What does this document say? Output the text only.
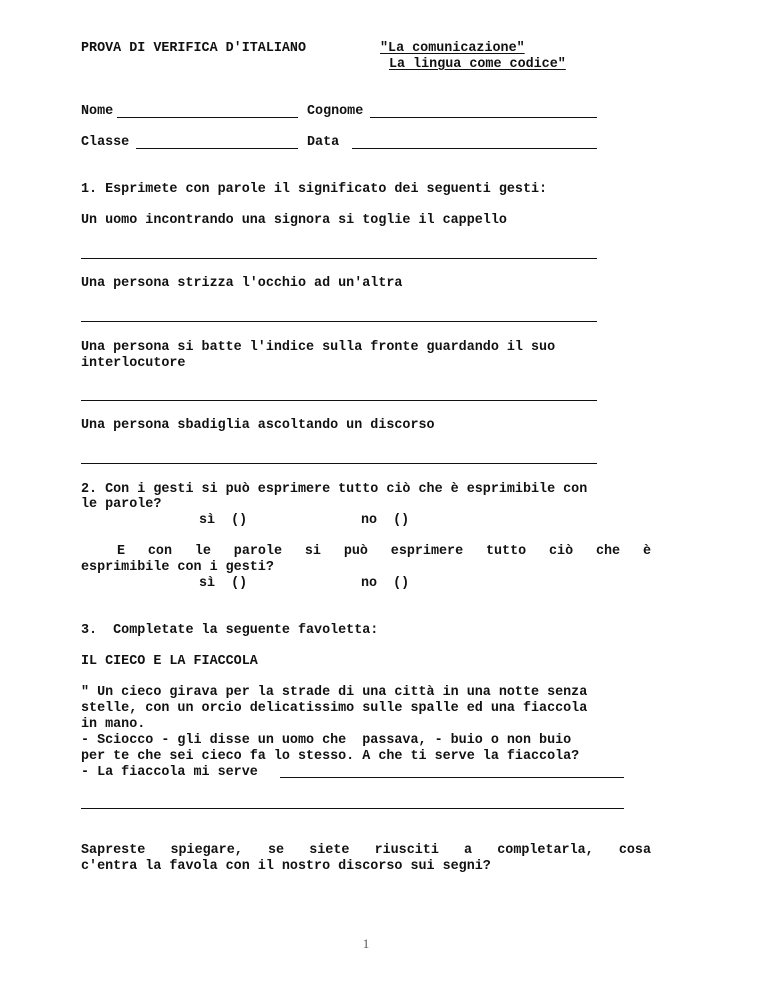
PROVA DI VERIFICA D'ITALIANO	"La comunicazione"
La lingua come codice"
Nome	Cognome
Classe	Data
1. Esprimete con parole il significato dei seguenti gesti:
Un uomo incontrando una signora si toglie il cappello
Una persona strizza l'occhio ad un'altra
Una persona si batte l'indice sulla fronte guardando il suo
interlocutore
Una persona sbadiglia ascoltando un discorso
2. Con i gesti si può esprimere tutto ciò che è esprimibile con
le parole?
sì  ()	no  ()
E con le parole si può esprimere tutto ciò che è
esprimibile con i gesti?
sì  ()	no  ()
3.  Completate la seguente favoletta:
IL CIECO E LA FIACCOLA
" Un cieco girava per la strade di una città in una notte senza
stelle, con un orcio delicatissimo sulle spalle ed una fiaccola
in mano.
- Sciocco - gli disse un uomo che  passava, - buio o non buio
per te che sei cieco fa lo stesso. A che ti serve la fiaccola?
- La fiaccola mi serve
Sapreste spiegare, se siete riusciti a completarla, cosa
c'entra la favola con il nostro discorso sui segni?
1
